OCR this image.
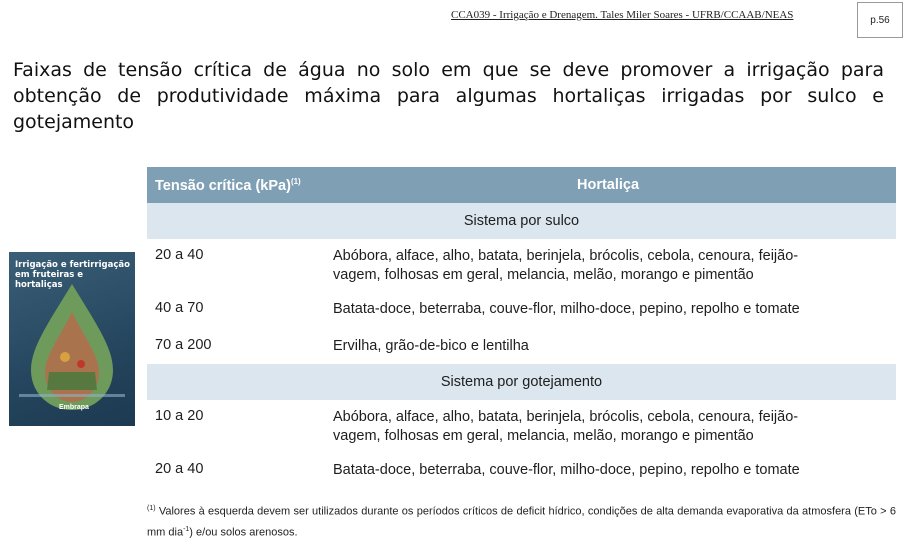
CCA039 - Irrigação e Drenagem. Tales Miler Soares - UFRB/CCAAB/NEAS	p.56
Faixas de tensão crítica de água no solo em que se deve promover a irrigação para obtenção de produtividade máxima para algumas hortaliças irrigadas por sulco e gotejamento
Irrigação e fertirrigação em fruteiras e hortaliças
Embrapa
Tensão crítica (kPa)$^{(1)}$	Hortaliça
Sistema por sulco
20 a 40	Abóbora, alface, alho, batata, berinjela, brócolis, cebola, cenoura, feijão-
vagem, folhosas em geral, melancia, melão, morango e pimentão
40 a 70	Batata-doce, beterraba, couve-flor, milho-doce, pepino, repolho e tomate
70 a 200	Ervilha, grão-de-bico e lentilha
Sistema por gotejamento
10 a 20	Abóbora, alface, alho, batata, berinjela, brócolis, cebola, cenoura, feijão-
vagem, folhosas em geral, melancia, melão, morango e pimentão
20 a 40	Batata-doce, beterraba, couve-flor, milho-doce, pepino, repolho e tomate
$^{(1)}$ Valores à esquerda devem ser utilizados durante os períodos críticos de deficit hídrico, condições de alta demanda evaporativa da atmosfera (ETo > 6 mm dia$^{-1}$) e/ou solos arenosos.
